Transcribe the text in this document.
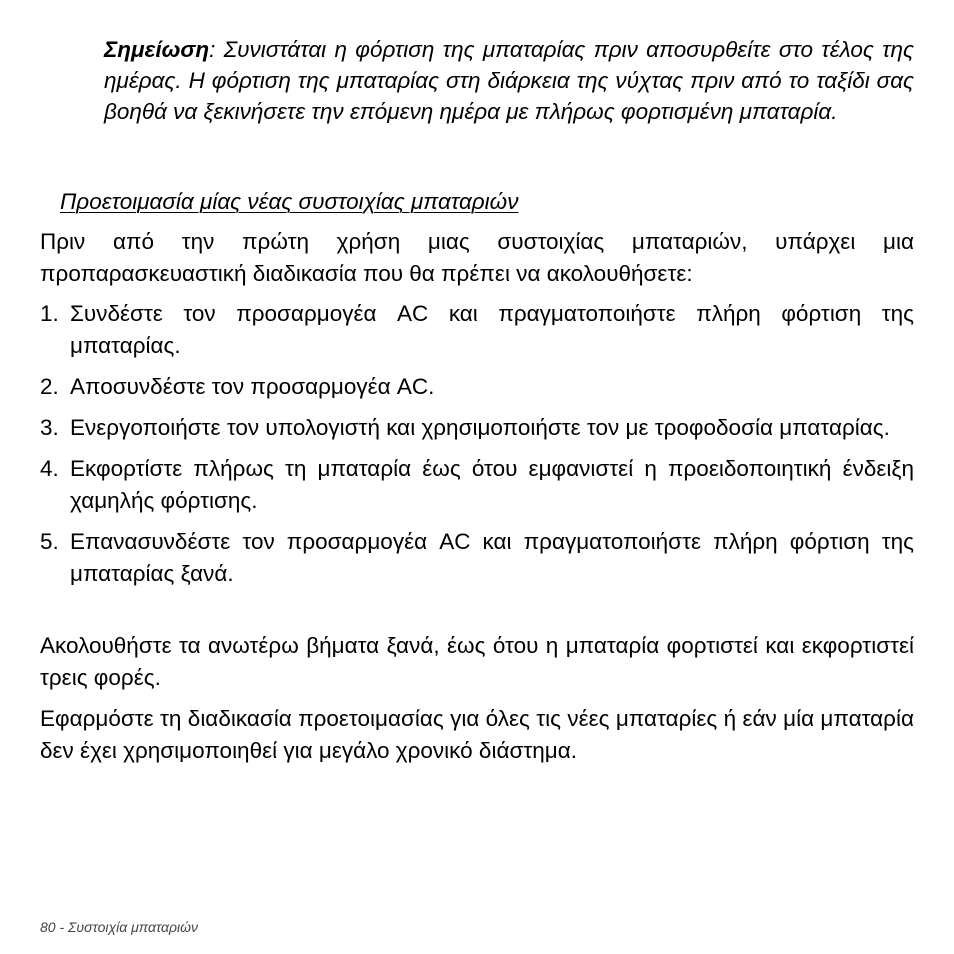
Σημείωση: Συνιστάται η φόρτιση της μπαταρίας πριν αποσυρθείτε στο τέλος της ημέρας. Η φόρτιση της μπαταρίας στη διάρκεια της νύχτας πριν από το ταξίδι σας βοηθά να ξεκινήσετε την επόμενη ημέρα με πλήρως φορτισμένη μπαταρία.
Προετοιμασία μίας νέας συστοιχίας μπαταριών

Πριν από την πρώτη χρήση μιας συστοιχίας μπαταριών, υπάρχει μια προπαρασκευαστική διαδικασία που θα πρέπει να ακολουθήσετε:

1. Συνδέστε τον προσαρμογέα AC και πραγματοποιήστε πλήρη φόρτιση της μπαταρίας.
2. Αποσυνδέστε τον προσαρμογέα AC.
3. Ενεργοποιήστε τον υπολογιστή και χρησιμοποιήστε τον με τροφοδοσία μπαταρίας.
4. Εκφορτίστε πλήρως τη μπαταρία έως ότου εμφανιστεί η προειδοποιητική ένδειξη χαμηλής φόρτισης.
5. Επανασυνδέστε τον προσαρμογέα AC και πραγματοποιήστε πλήρη φόρτιση της μπαταρίας ξανά.

Ακολουθήστε τα ανωτέρω βήματα ξανά, έως ότου η μπαταρία φορτιστεί και εκφορτιστεί τρεις φορές.

Εφαρμόστε τη διαδικασία προετοιμασίας για όλες τις νέες μπαταρίες ή εάν μία μπαταρία δεν έχει χρησιμοποιηθεί για μεγάλο χρονικό διάστημα.

80 - Συστοιχία μπαταριών
